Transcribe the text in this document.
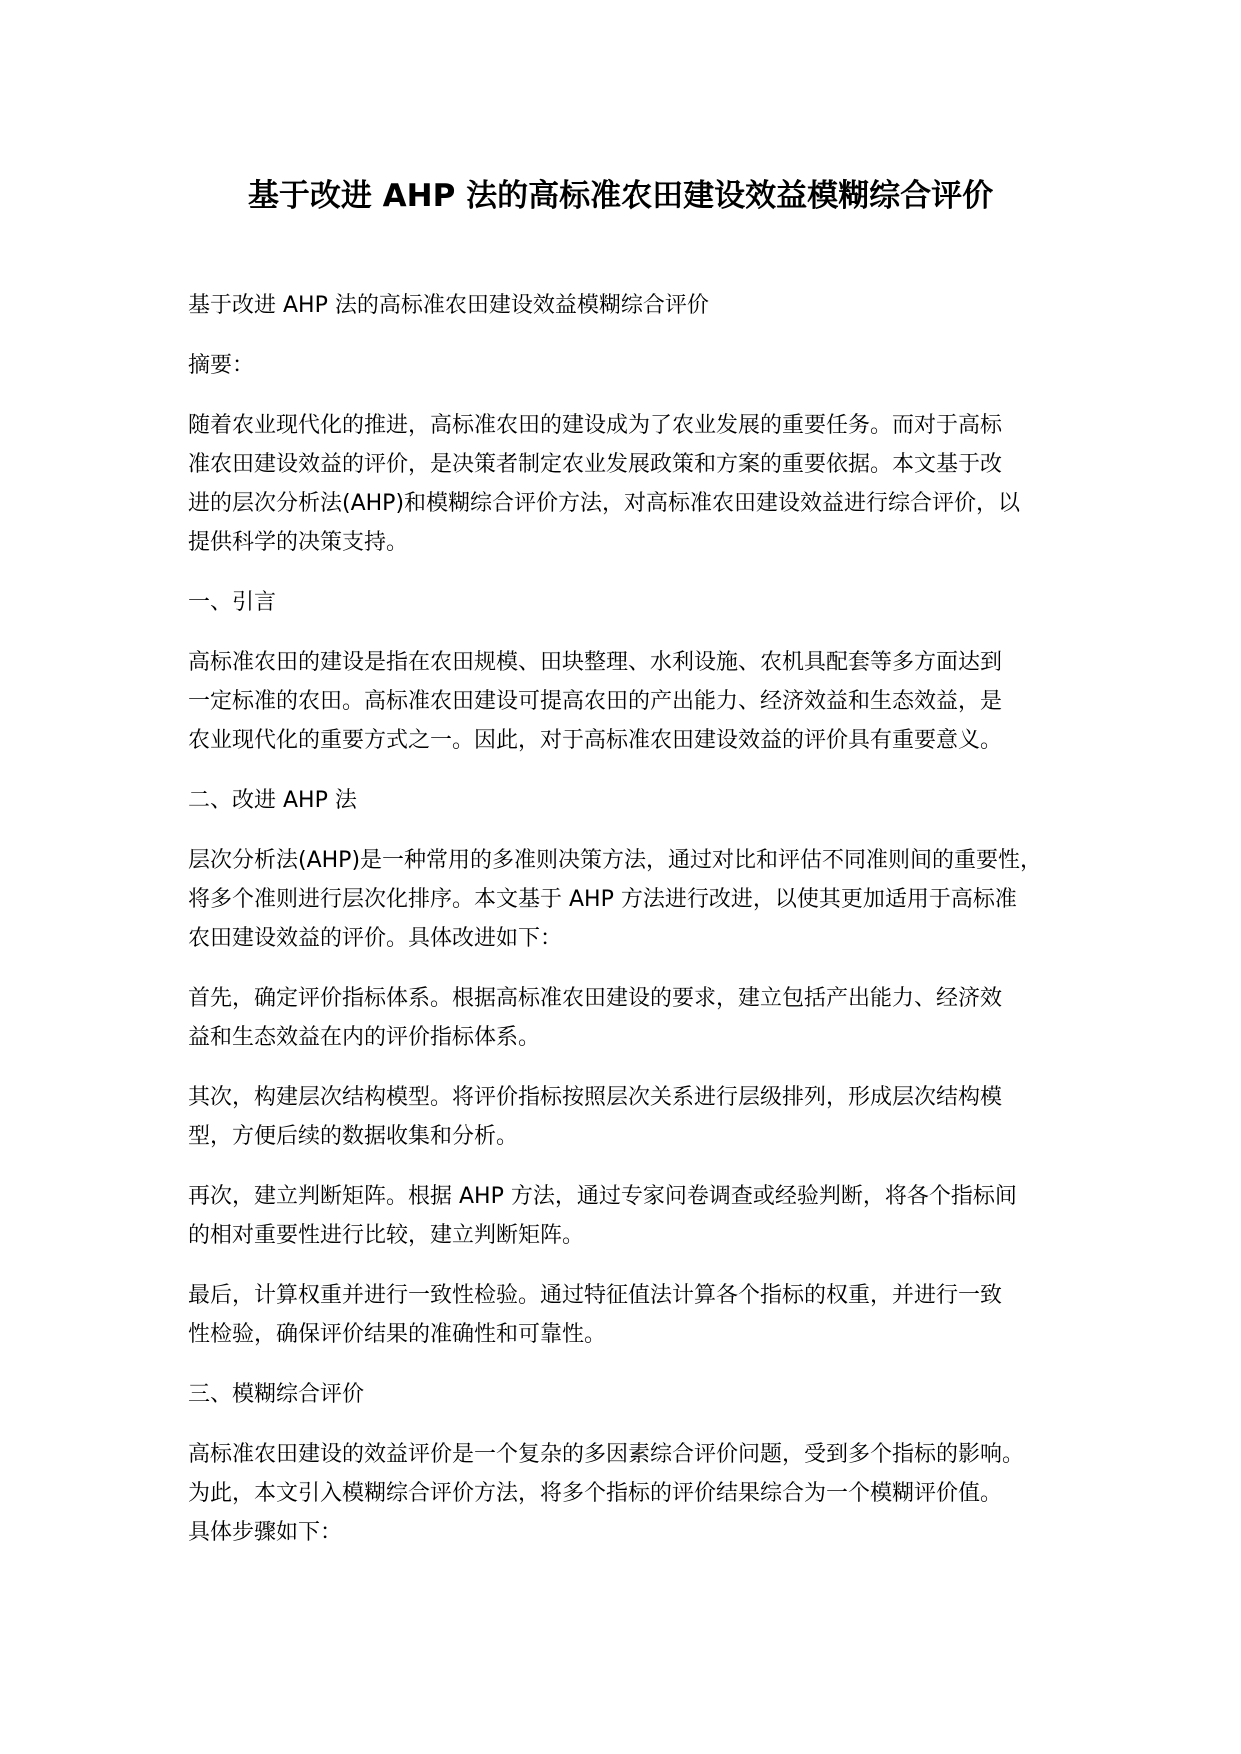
基于改进 AHP 法的高标准农田建设效益模糊综合评价
基于改进 AHP 法的高标准农田建设效益模糊综合评价
摘要：
随着农业现代化的推进，高标准农田的建设成为了农业发展的重要任务。而对于高标
准农田建设效益的评价，是决策者制定农业发展政策和方案的重要依据。本文基于改
进的层次分析法(AHP)和模糊综合评价方法，对高标准农田建设效益进行综合评价，以
提供科学的决策支持。
一、引言
高标准农田的建设是指在农田规模、田块整理、水利设施、农机具配套等多方面达到
一定标准的农田。高标准农田建设可提高农田的产出能力、经济效益和生态效益，是
农业现代化的重要方式之一。因此，对于高标准农田建设效益的评价具有重要意义。
二、改进 AHP 法
层次分析法(AHP)是一种常用的多准则决策方法，通过对比和评估不同准则间的重要性，
将多个准则进行层次化排序。本文基于 AHP 方法进行改进，以使其更加适用于高标准
农田建设效益的评价。具体改进如下：
首先，确定评价指标体系。根据高标准农田建设的要求，建立包括产出能力、经济效
益和生态效益在内的评价指标体系。
其次，构建层次结构模型。将评价指标按照层次关系进行层级排列，形成层次结构模
型，方便后续的数据收集和分析。
再次，建立判断矩阵。根据 AHP 方法，通过专家问卷调查或经验判断，将各个指标间
的相对重要性进行比较，建立判断矩阵。
最后，计算权重并进行一致性检验。通过特征值法计算各个指标的权重，并进行一致
性检验，确保评价结果的准确性和可靠性。
三、模糊综合评价
高标准农田建设的效益评价是一个复杂的多因素综合评价问题，受到多个指标的影响。
为此，本文引入模糊综合评价方法，将多个指标的评价结果综合为一个模糊评价值。
具体步骤如下：
